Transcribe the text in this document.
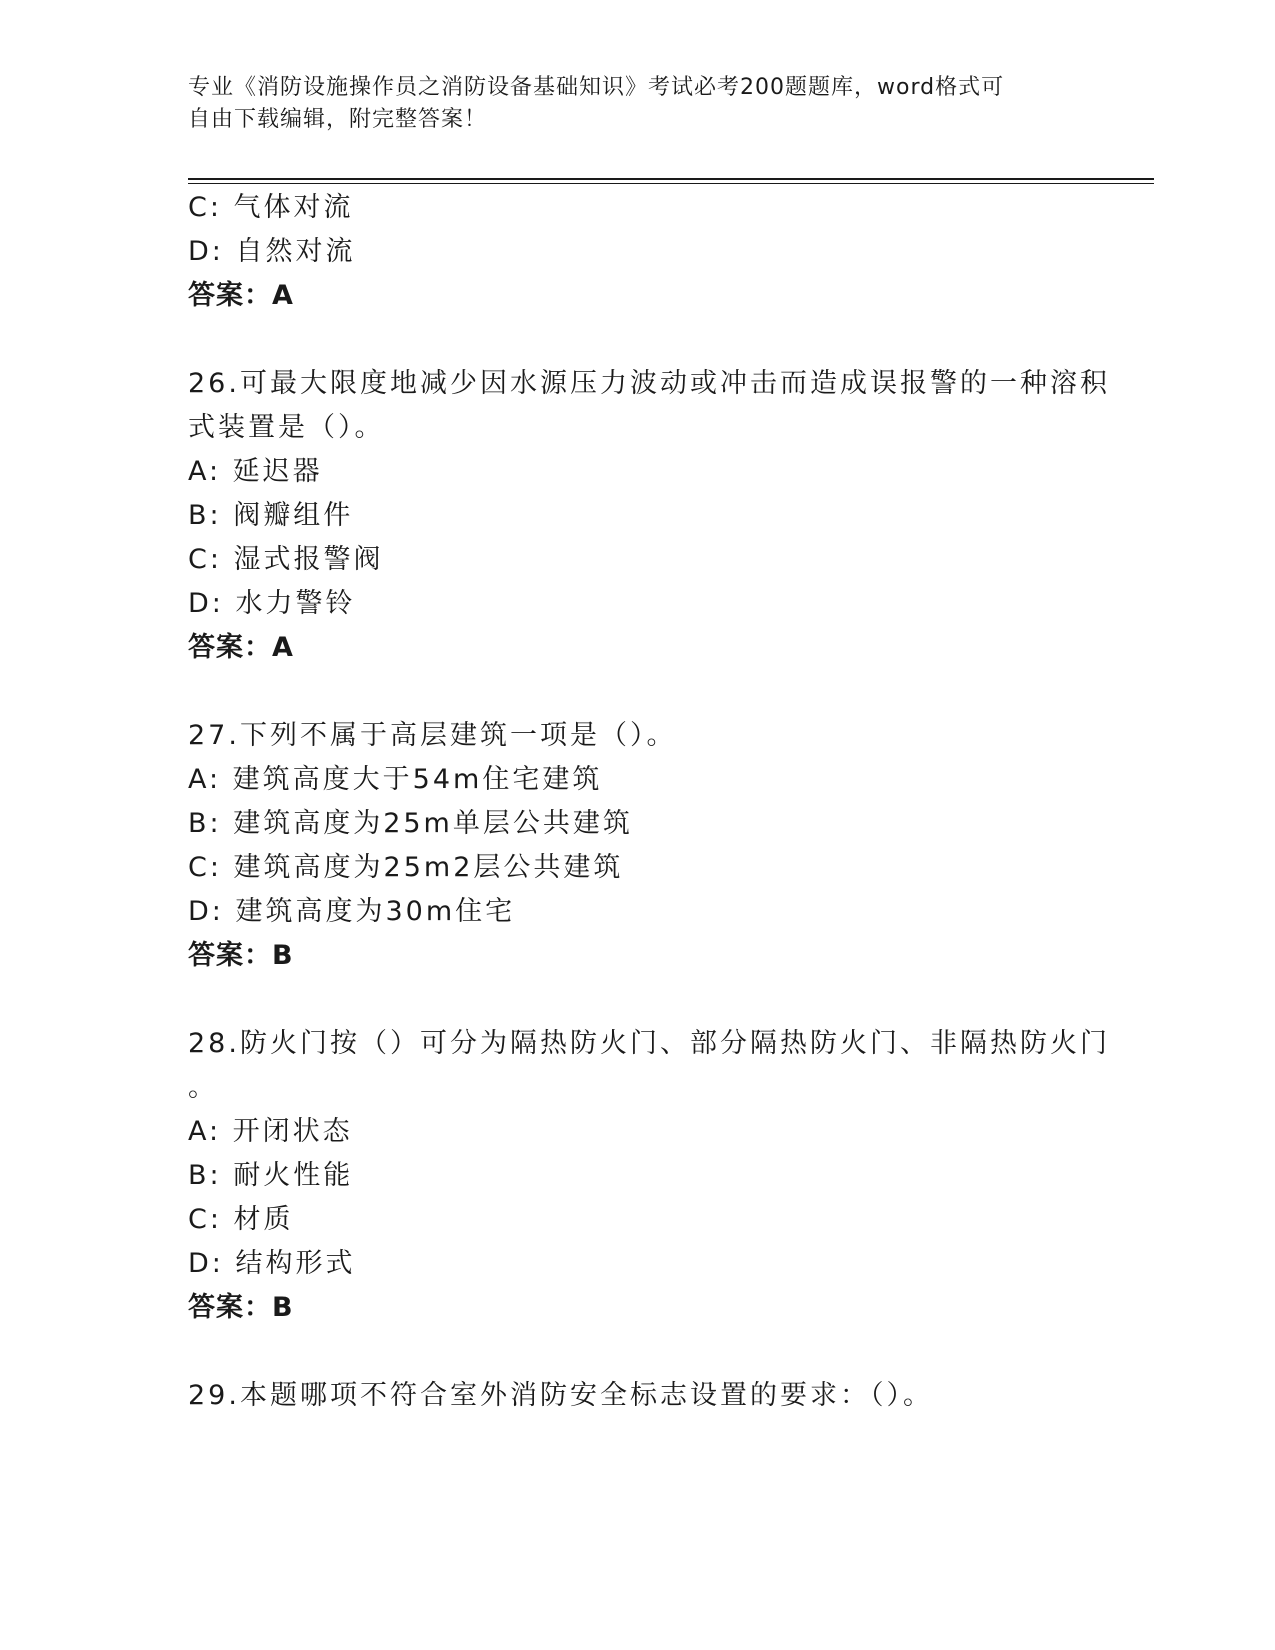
专业《消防设施操作员之消防设备基础知识》考试必考200题题库，word格式可
自由下载编辑，附完整答案！
C: 气体对流
D: 自然对流
答案：A
26.可最大限度地减少因水源压力波动或冲击而造成误报警的一种溶积
式装置是（）。
A: 延迟器
B: 阀瓣组件
C: 湿式报警阀
D: 水力警铃
答案：A
27.下列不属于高层建筑一项是（）。
A: 建筑高度大于54m住宅建筑
B: 建筑高度为25m单层公共建筑
C: 建筑高度为25m2层公共建筑
D: 建筑高度为30m住宅
答案：B
28.防火门按（）可分为隔热防火门、部分隔热防火门、非隔热防火门
。
A: 开闭状态
B: 耐火性能
C: 材质
D: 结构形式
答案：B
29.本题哪项不符合室外消防安全标志设置的要求：（）。
